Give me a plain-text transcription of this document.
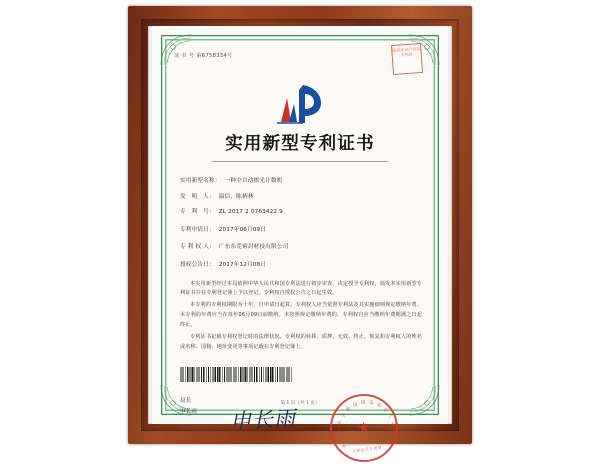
证 书 号 第6758334号
国家知识产权局专利局
实用新型专利证书
实用新型名称： 一种全自动擦光计数机
发　明　人： 温信、陈柄林
专　利　号： ZL 2017 2 0763422.9
专利申请日： 2017年06月09日
专 利 权 人： 广东东莞密封材技有限公司
授权公告日： 2017年12月08日

本实用新型经过本局依照中华人民共和国专利法进行初步审查，决定授予专利权，颁发本实用新型专利证书并在专利登记簿上予以登记。专利权自授权公告之日起生效。

本专利的专利权期限为十年，自申请日起算。专利权人应当依照专利法及其实施细则规定缴纳年费。本专利的年费应当在每年06月09日前缴纳。未按照规定缴纳年费的，专利权自应当缴纳年费期满之日起终止。

专利证书记载专利权登记时的法律状况。专利权的转移、质押、无效、终止、恢复和专利权人的姓名或名称、国籍、地址变更等事项记载在专利登记簿上。

局长
申长雨	申长雨
中
华
人
民
共
和
国 国 家 知
识
产
权
局
★
专利证书专用章
第 1 页（共 1 页）
